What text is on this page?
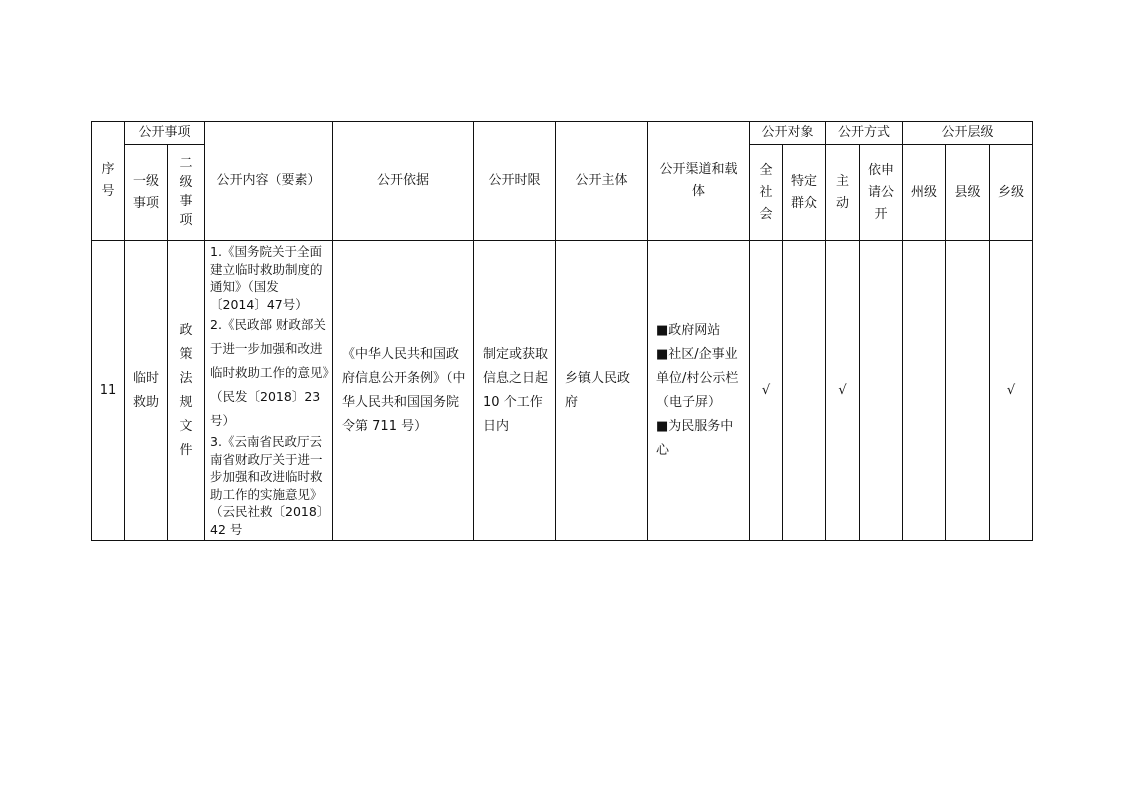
序号	公开事项		公开内容（要素）	公开依据	公开时限	公开主体	公开渠道和载体	公开对象		公开方式		公开层级		
	一级事项	二级事项						全社会	特定群众	主动	依申请公开	州级	县级	乡级
11	临时救助	政策法规文件	1.《国务院关于全面建立临时救助制度的通知》（国发〔2014〕47号）
2.《民政部 财政部关于进一步加强和改进临时救助工作的意见》（民发〔2018〕23号）
3.《云南省民政厅云南省财政厅关于进一步加强和改进临时救助工作的实施意见》（云民社救〔2018〕42 号	《中华人民共和国政府信息公开条例》（中华人民共和国国务院令第 711 号）	制定或获取信息之日起 10 个工作日内	乡镇人民政府	■政府网站
■社区/企事业单位/村公示栏（电子屏）
■为民服务中心	√		√				√
